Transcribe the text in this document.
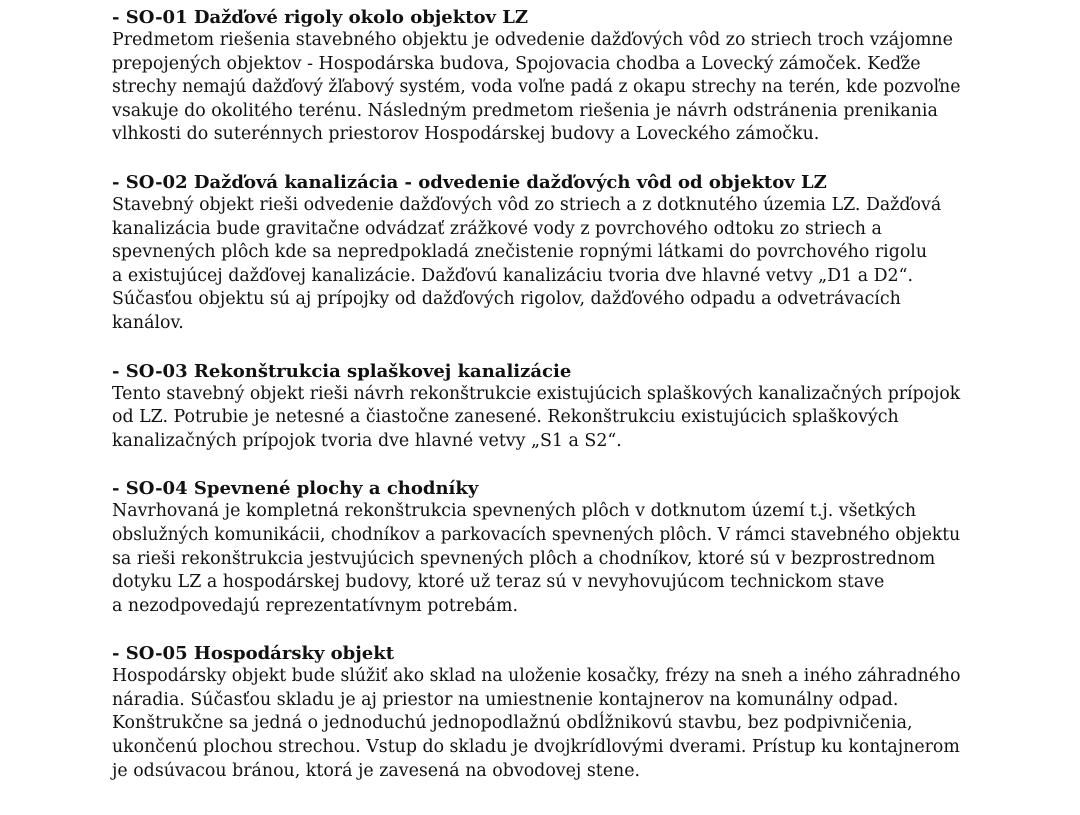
- SO-01 Dažďové rigoly okolo objektov LZ

Predmetom riešenia stavebného objektu je odvedenie dažďových vôd zo striech troch vzájomne
prepojených objektov - Hospodárska budova, Spojovacia chodba a Lovecký zámoček. Keďže
strechy nemajú dažďový žľabový systém, voda voľne padá z okapu strechy na terén, kde pozvoľne
vsakuje do okolitého terénu. Následným predmetom riešenia je návrh odstránenia prenikania
vlhkosti do suterénnych priestorov Hospodárskej budovy a Loveckého zámočku.

- SO-02 Dažďová kanalizácia - odvedenie dažďových vôd od objektov LZ

Stavebný objekt rieši odvedenie dažďových vôd zo striech a z dotknutého územia LZ. Dažďová
kanalizácia bude gravitačne odvádzať zrážkové vody z povrchového odtoku zo striech a
spevnených plôch kde sa nepredpokladá znečistenie ropnými látkami do povrchového rigolu
a existujúcej dažďovej kanalizácie. Dažďovú kanalizáciu tvoria dve hlavné vetvy „D1 a D2“.
Súčasťou objektu sú aj prípojky od dažďových rigolov, dažďového odpadu a odvetrávacích
kanálov.

- SO-03 Rekonštrukcia splaškovej kanalizácie

Tento stavebný objekt rieši návrh rekonštrukcie existujúcich splaškových kanalizačných prípojok
od LZ. Potrubie je netesné a čiastočne zanesené. Rekonštrukciu existujúcich splaškových
kanalizačných prípojok tvoria dve hlavné vetvy „S1 a S2“.

- SO-04 Spevnené plochy a chodníky

Navrhovaná je kompletná rekonštrukcia spevnených plôch v dotknutom území t.j. všetkých
obslužných komunikácii, chodníkov a parkovacích spevnených plôch. V rámci stavebného objektu
sa rieši rekonštrukcia jestvujúcich spevnených plôch a chodníkov, ktoré sú v bezprostrednom
dotyku LZ a hospodárskej budovy, ktoré už teraz sú v nevyhovujúcom technickom stave
a nezodpovedajú reprezentatívnym potrebám.

- SO-05 Hospodársky objekt

Hospodársky objekt bude slúžiť ako sklad na uloženie kosačky, frézy na sneh a iného záhradného
náradia. Súčasťou skladu je aj priestor na umiestnenie kontajnerov na komunálny odpad.
Konštrukčne sa jedná o jednoduchú jednopodlažnú obdĺžnikovú stavbu, bez podpivničenia,
ukončenú plochou strechou. Vstup do skladu je dvojkrídlovými dverami. Prístup ku kontajnerom
je odsúvacou bránou, ktorá je zavesená na obvodovej stene.
